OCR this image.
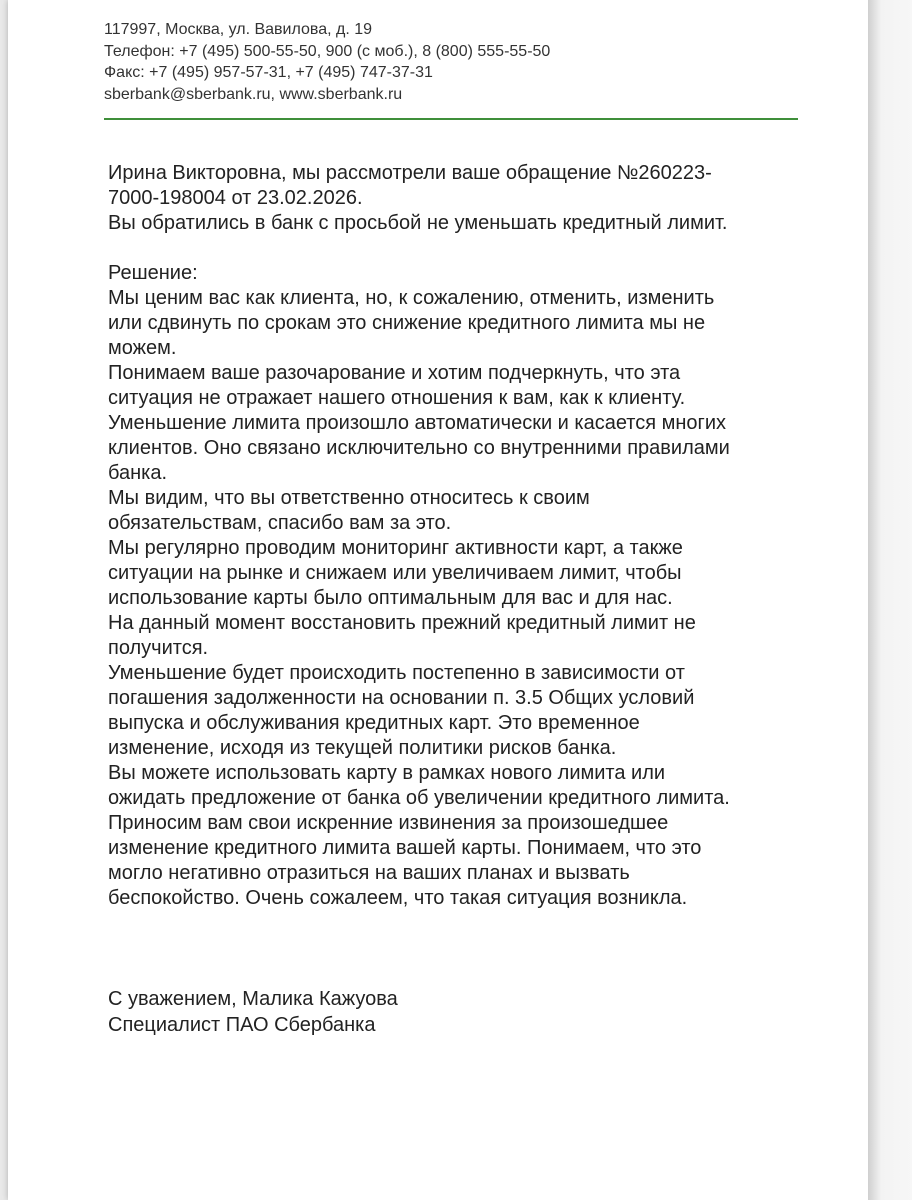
117997, Москва, ул. Вавилова, д. 19
Телефон: +7 (495) 500-55-50, 900 (с моб.), 8 (800) 555-55-50
Факс: +7 (495) 957-57-31, +7 (495) 747-37-31
sberbank@sberbank.ru, www.sberbank.ru
Ирина Викторовна, мы рассмотрели ваше обращение №260223-
7000-198004 от 23.02.2026.
Вы обратились в банк с просьбой не уменьшать кредитный лимит.
Решение:
Мы ценим вас как клиента, но, к сожалению, отменить, изменить
или сдвинуть по срокам это снижение кредитного лимита мы не
можем.
Понимаем ваше разочарование и хотим подчеркнуть, что эта
ситуация не отражает нашего отношения к вам, как к клиенту.
Уменьшение лимита произошло автоматически и касается многих
клиентов. Оно связано исключительно со внутренними правилами
банка.
Мы видим, что вы ответственно относитесь к своим
обязательствам, спасибо вам за это.
Мы регулярно проводим мониторинг активности карт, а также
ситуации на рынке и снижаем или увеличиваем лимит, чтобы
использование карты было оптимальным для вас и для нас.
На данный момент восстановить прежний кредитный лимит не
получится.
Уменьшение будет происходить постепенно в зависимости от
погашения задолженности на основании п. 3.5 Общих условий
выпуска и обслуживания кредитных карт. Это временное
изменение, исходя из текущей политики рисков банка.
Вы можете использовать карту в рамках нового лимита или
ожидать предложение от банка об увеличении кредитного лимита.
Приносим вам свои искренние извинения за произошедшее
изменение кредитного лимита вашей карты. Понимаем, что это
могло негативно отразиться на ваших планах и вызвать
беспокойство. Очень сожалеем, что такая ситуация возникла.
С уважением, Малика Кажуова
Специалист ПАО Сбербанка
